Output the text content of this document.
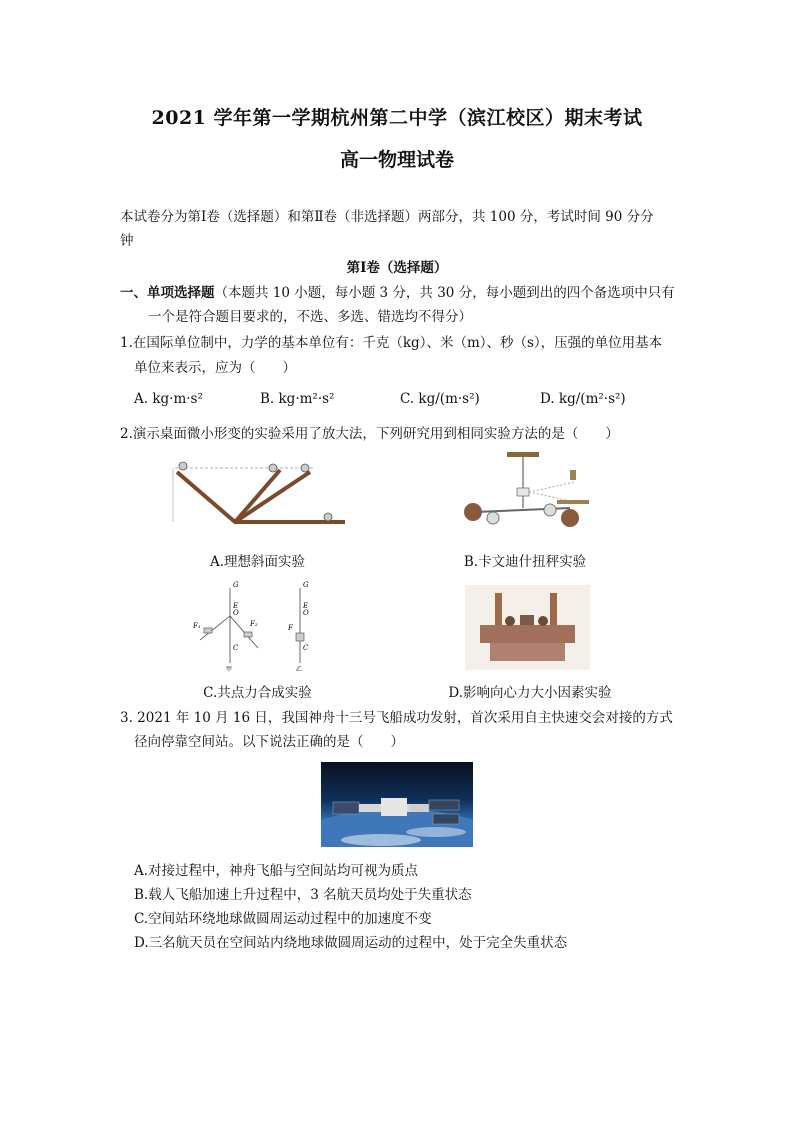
2021 学年第一学期杭州第二中学（滨江校区）期末考试
高一物理试卷
本试卷分为第Ⅰ卷（选择题）和第Ⅱ卷（非选择题）两部分，共 100 分，考试时间 90 分分
钟
第Ⅰ卷（选择题）
一、单项选择题（本题共 10 小题，每小题 3 分，共 30 分，每小题到出的四个备选项中只有
一个是符合题目要求的，不选、多选、错选均不得分）
1.在国际单位制中，力学的基本单位有：千克（kg）、米（m）、秒（s），压强的单位用基本
单位来表示，应为（　　）
A. kg·m·s²	B. kg·m²·s²	C. kg/(m·s²)	D. kg/(m²·s²)
2.演示桌面微小形变的实验采用了放大法，下列研究用到相同实验方法的是（　　）
A.理想斜面实验	B.卡文迪什扭秤实验
G
E
O
F₁	F₂
C
甲
G
E
O
F
C
乙
C.共点力合成实验	D.影响向心力大小因素实验
3. 2021 年 10 月 16 日，我国神舟十三号飞船成功发射，首次采用自主快速交会对接的方式
径向停靠空间站。以下说法正确的是（　　）
A.对接过程中，神舟飞船与空间站均可视为质点
B.载人飞船加速上升过程中，3 名航天员均处于失重状态
C.空间站环绕地球做圆周运动过程中的加速度不变
D.三名航天员在空间站内绕地球做圆周运动的过程中，处于完全失重状态
